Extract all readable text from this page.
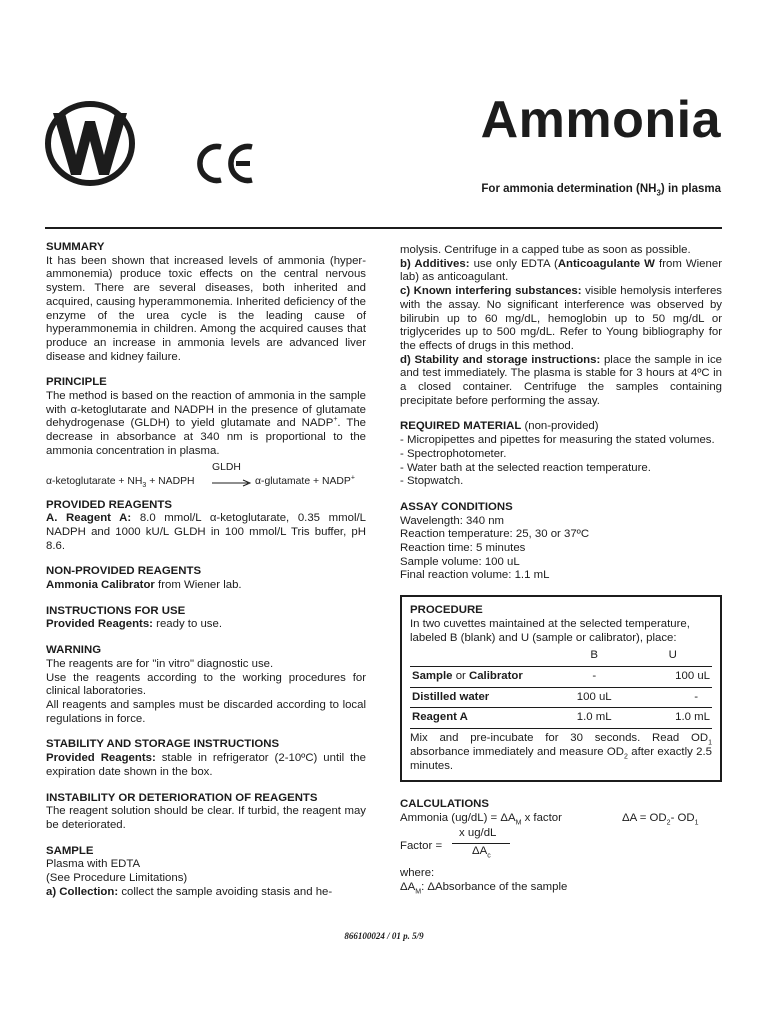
Ammonia
For ammonia determination $(NH_3)$ in plasma
SUMMARY

It has been shown that increased levels of ammonia (hyper-ammonemia) produce toxic effects on the central nervous system. There are several diseases, both inherited and acquired, causing hyperammonemia. Inherited deficiency of the enzyme of the urea cycle is the leading cause of hyperammonemia in children. Among the acquired causes that produce an increase in ammonia levels are advanced liver disease and kidney failure.

PRINCIPLE

The method is based on the reaction of ammonia in the sample with α-ketoglutarate and NADPH in the presence of glutamate dehydrogenase (GLDH) to yield glutamate and NADP+. The decrease in absorbance at 340 nm is proportional to the ammonia concentration in plasma.

GLDH
α-ketoglutarate + $NH_3$ + NADPH → α-glutamate + NADP+
PROVIDED REAGENTS

A. Reagent A: 8.0 mmol/L α-ketoglutarate, 0.35 mmol/L NADPH and 1000 kU/L GLDH in 100 mmol/L Tris buffer, pH 8.6.

NON-PROVIDED REAGENTS

Ammonia Calibrator from Wiener lab.

INSTRUCTIONS FOR USE

Provided Reagents: ready to use.

WARNING

The reagents are for "in vitro" diagnostic use.

Use the reagents according to the working procedures for clinical laboratories.

All reagents and samples must be discarded according to local regulations in force.

STABILITY AND STORAGE INSTRUCTIONS

Provided Reagents: stable in refrigerator (2-10ºC) until the expiration date shown in the box.

INSTABILITY OR DETERIORATION OF REAGENTS

The reagent solution should be clear. If turbid, the reagent may be deteriorated.

SAMPLE

Plasma with EDTA

(See Procedure Limitations)

a) Collection: collect the sample avoiding stasis and he-

molysis. Centrifuge in a capped tube as soon as possible.

b) Additives: use only EDTA (Anticoagulante W from Wiener lab) as anticoagulant.

c) Known interfering substances: visible hemolysis interferes with the assay. No significant interference was observed by bilirubin up to 60 mg/dL, hemoglobin up to 50 mg/dL or triglycerides up to 500 mg/dL. Refer to Young bibliography for the effects of drugs in this method.

d) Stability and storage instructions: place the sample in ice and test immediately. The plasma is stable for 3 hours at 4ºC in a closed container. Centrifuge the samples containing precipitate before performing the assay.

REQUIRED MATERIAL (non-provided)

- Micropipettes and pipettes for measuring the stated volumes.

- Spectrophotometer.

- Water bath at the selected reaction temperature.

- Stopwatch.

ASSAY CONDITIONS

Wavelength: 340 nm

Reaction temperature: 25, 30 or 37ºC

Reaction time: 5 minutes

Sample volume: 100 uL

Final reaction volume: 1.1 mL

PROCEDURE

In two cuvettes maintained at the selected temperature, labeled B (blank) and U (sample or calibrator), place:

	B	U
Sample or Calibrator	-	100 uL
Distilled water	100 uL	-
Reagent A	1.0 mL	1.0 mL

Mix and pre-incubate for 30 seconds. Read $OD_1$ absorbance immediately and measure $OD_2$ after exactly 2.5 minutes.

CALCULATIONS
Ammonia $(ug/dL) = \Delta A_M$ x factor	$\Delta A = OD_2-$ $OD_1$
Factor =
x ug/dL
$\Delta A_c$

where:

$\Delta A_M$: ΔAbsorbance of the sample

866100024 / 01 p. 5/9
